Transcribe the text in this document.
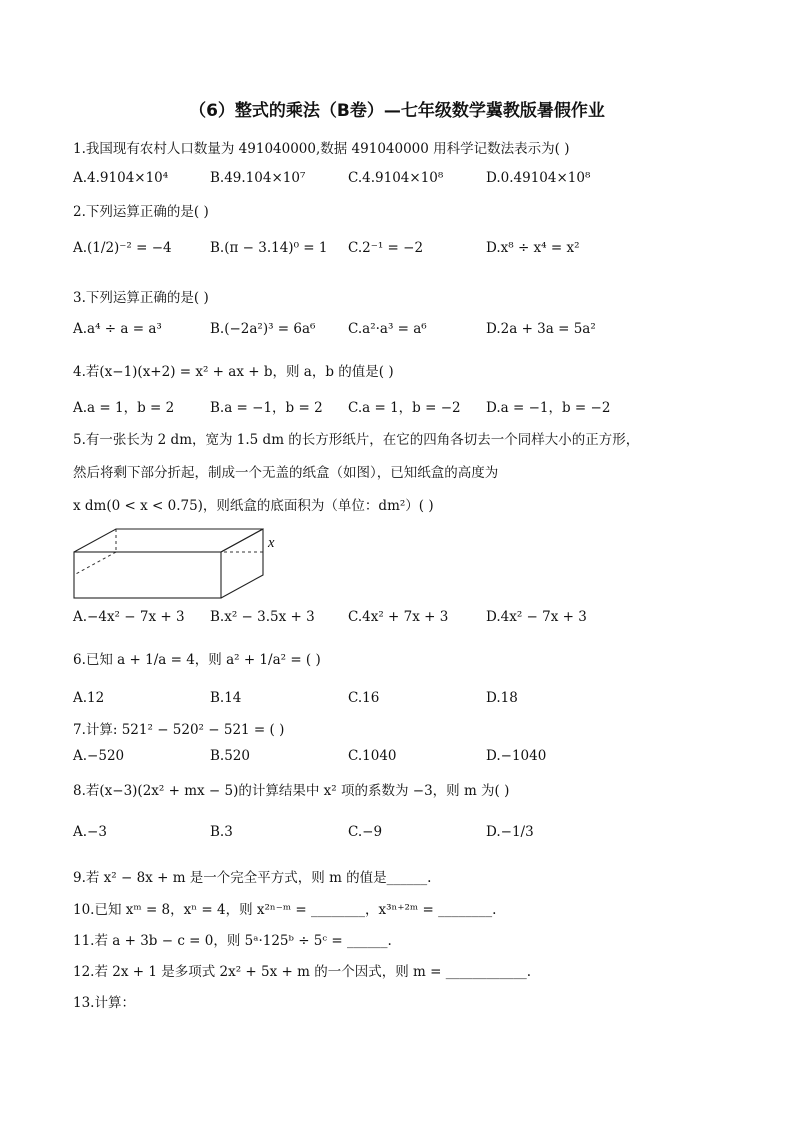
（6）整式的乘法（B卷）—七年级数学冀教版暑假作业
1.我国现有农村人口数量为 491040000,数据 491040000 用科学记数法表示为( )
A.4.9104×10⁴	B.49.104×10⁷	C.4.9104×10⁸	D.0.49104×10⁸
2.下列运算正确的是( )
A.(1/2)⁻² = −4	B.(π − 3.14)⁰ = 1 C.2⁻¹ = −2	D.x⁸ ÷ x⁴ = x²
3.下列运算正确的是( )
A.a⁴ ÷ a = a³	B.(−2a²)³ = 6a⁶ C.a²·a³ = a⁶	D.2a + 3a = 5a²
4.若(x−1)(x+2) = x² + ax + b，则 a，b 的值是( )
A.a = 1，b = 2	B.a = −1，b = 2 C.a = 1，b = −2 D.a = −1，b = −2
5.有一张长为 2 dm，宽为 1.5 dm 的长方形纸片，在它的四角各切去一个同样大小的正方形，
然后将剩下部分折起，制成一个无盖的纸盒（如图），已知纸盒的高度为
x dm(0 < x < 0.75)，则纸盒的底面积为（单位：dm²）( )
x
A.−4x² − 7x + 3 B.x² − 3.5x + 3 C.4x² + 7x + 3	D.4x² − 7x + 3
6.已知 a + 1/a = 4，则 a² + 1/a² = ( )
A.12	B.14	C.16	D.18
7.计算: 521² − 520² − 521 = ( )
A.−520	B.520	C.1040	D.−1040
8.若(x−3)(2x² + mx − 5)的计算结果中 x² 项的系数为 −3，则 m 为( )
A.−3	B.3	C.−9	D.−1/3
9.若 x² − 8x + m 是一个完全平方式，则 m 的值是______.
10.已知 xᵐ = 8，xⁿ = 4，则 x²ⁿ⁻ᵐ = ________，x³ⁿ⁺²ᵐ = ________.
11.若 a + 3b − c = 0，则 5ᵃ·125ᵇ ÷ 5ᶜ = ______.
12.若 2x + 1 是多项式 2x² + 5x + m 的一个因式，则 m = ____________.
13.计算：
